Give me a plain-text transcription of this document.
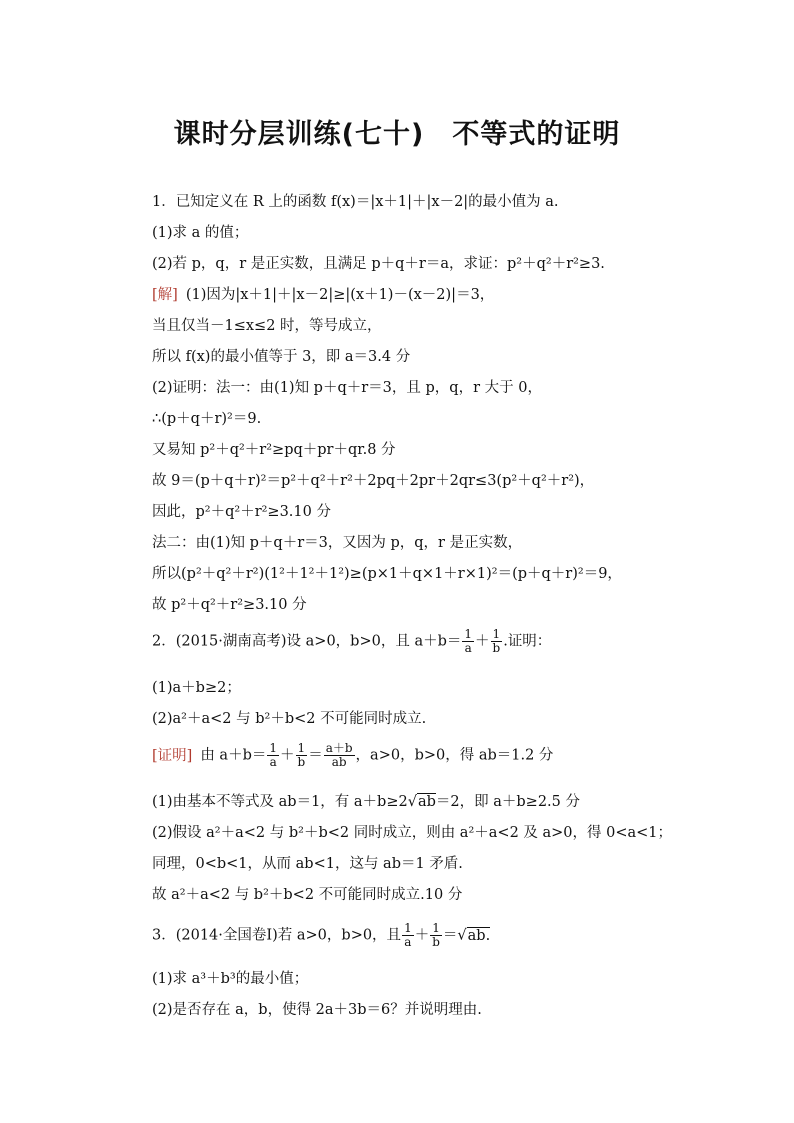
课时分层训练(七十)　不等式的证明
1．已知定义在 R 上的函数 f(x)＝|x＋1|＋|x－2|的最小值为 a.
(1)求 a 的值；
(2)若 p，q，r 是正实数，且满足 p＋q＋r＝a，求证：p²＋q²＋r²≥3.
[解] (1)因为|x＋1|＋|x－2|≥|(x＋1)－(x－2)|＝3，
当且仅当－1≤x≤2 时，等号成立，
所以 f(x)的最小值等于 3，即 a＝3.4 分
(2)证明：法一：由(1)知 p＋q＋r＝3，且 p，q，r 大于 0，
∴(p＋q＋r)²＝9.
又易知 p²＋q²＋r²≥pq＋pr＋qr.8 分
故 9＝(p＋q＋r)²＝p²＋q²＋r²＋2pq＋2pr＋2qr≤3(p²＋q²＋r²)，
因此，p²＋q²＋r²≥3.10 分
法二：由(1)知 p＋q＋r＝3，又因为 p，q，r 是正实数，
所以(p²＋q²＋r²)(1²＋1²＋1²)≥(p×1＋q×1＋r×1)²＝(p＋q＋r)²＝9，
故 p²＋q²＋r²≥3.10 分
2．(2015·湖南高考)设 a>0，b>0，且 $a+b= \frac{1}{a} + \frac{1}{b}$ .证明：
(1)a＋b≥2；
(2)a²＋a<2 与 b²＋b<2 不可能同时成立.
[证明] 由 $a+b= \frac{1}{a} + \frac{1}{b} = \frac{a+b}{ab}$ ，a>0，b>0，得 ab＝1.2 分
(1)由基本不等式及 ab＝1，有 a＋b≥2√ab＝2，即 a＋b≥2.5 分
(2)假设 a²＋a<2 与 b²＋b<2 同时成立，则由 a²＋a<2 及 a>0，得 0<a<1；
同理，0<b<1，从而 ab<1，这与 ab＝1 矛盾.
故 a²＋a<2 与 b²＋b<2 不可能同时成立.10 分
3．(2014·全国卷Ⅰ)若 a>0，b>0，且 $\frac{1}{a} + \frac{1}{b} =√ab$.
(1)求 a³＋b³的最小值；
(2)是否存在 a，b，使得 2a＋3b＝6？并说明理由.
